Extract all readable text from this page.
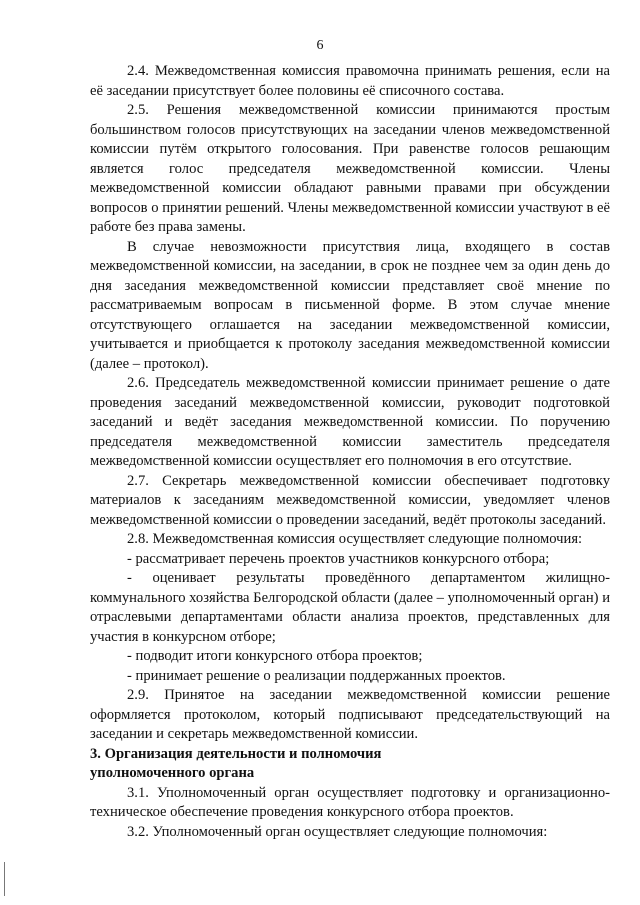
6

2.4. Межведомственная комиссия правомочна принимать решения, если на её заседании присутствует более половины её списочного состава.

2.5. Решения межведомственной комиссии принимаются простым большинством голосов присутствующих на заседании членов межведомственной комиссии путём открытого голосования. При равенстве голосов решающим является голос председателя межведомственной комиссии. Члены межведомственной комиссии обладают равными правами при обсуждении вопросов о принятии решений. Члены межведомственной комиссии участвуют в её работе без права замены.

В случае невозможности присутствия лица, входящего в состав межведомственной комиссии, на заседании, в срок не позднее чем за один день до дня заседания межведомственной комиссии представляет своё мнение по рассматриваемым вопросам в письменной форме. В этом случае мнение отсутствующего оглашается на заседании межведомственной комиссии, учитывается и приобщается к протоколу заседания межведомственной комиссии (далее – протокол).

2.6. Председатель межведомственной комиссии принимает решение о дате проведения заседаний межведомственной комиссии, руководит подготовкой заседаний и ведёт заседания межведомственной комиссии. По поручению председателя межведомственной комиссии заместитель председателя межведомственной комиссии осуществляет его полномочия в его отсутствие.

2.7. Секретарь межведомственной комиссии обеспечивает подготовку материалов к заседаниям межведомственной комиссии, уведомляет членов межведомственной комиссии о проведении заседаний, ведёт протоколы заседаний.

2.8. Межведомственная комиссия осуществляет следующие полномочия:

- рассматривает перечень проектов участников конкурсного отбора;

- оценивает результаты проведённого департаментом жилищно-коммунального хозяйства Белгородской области (далее – уполномоченный орган) и отраслевыми департаментами области анализа проектов, представленных для участия в конкурсном отборе;

- подводит итоги конкурсного отбора проектов;

- принимает решение о реализации поддержанных проектов.

2.9. Принятое на заседании межведомственной комиссии решение оформляется протоколом, который подписывают председательствующий на заседании и секретарь межведомственной комиссии.

3. Организация деятельности и полномочия
уполномоченного органа

3.1. Уполномоченный орган осуществляет подготовку и организационно-техническое обеспечение проведения конкурсного отбора проектов.

3.2. Уполномоченный орган осуществляет следующие полномочия:
